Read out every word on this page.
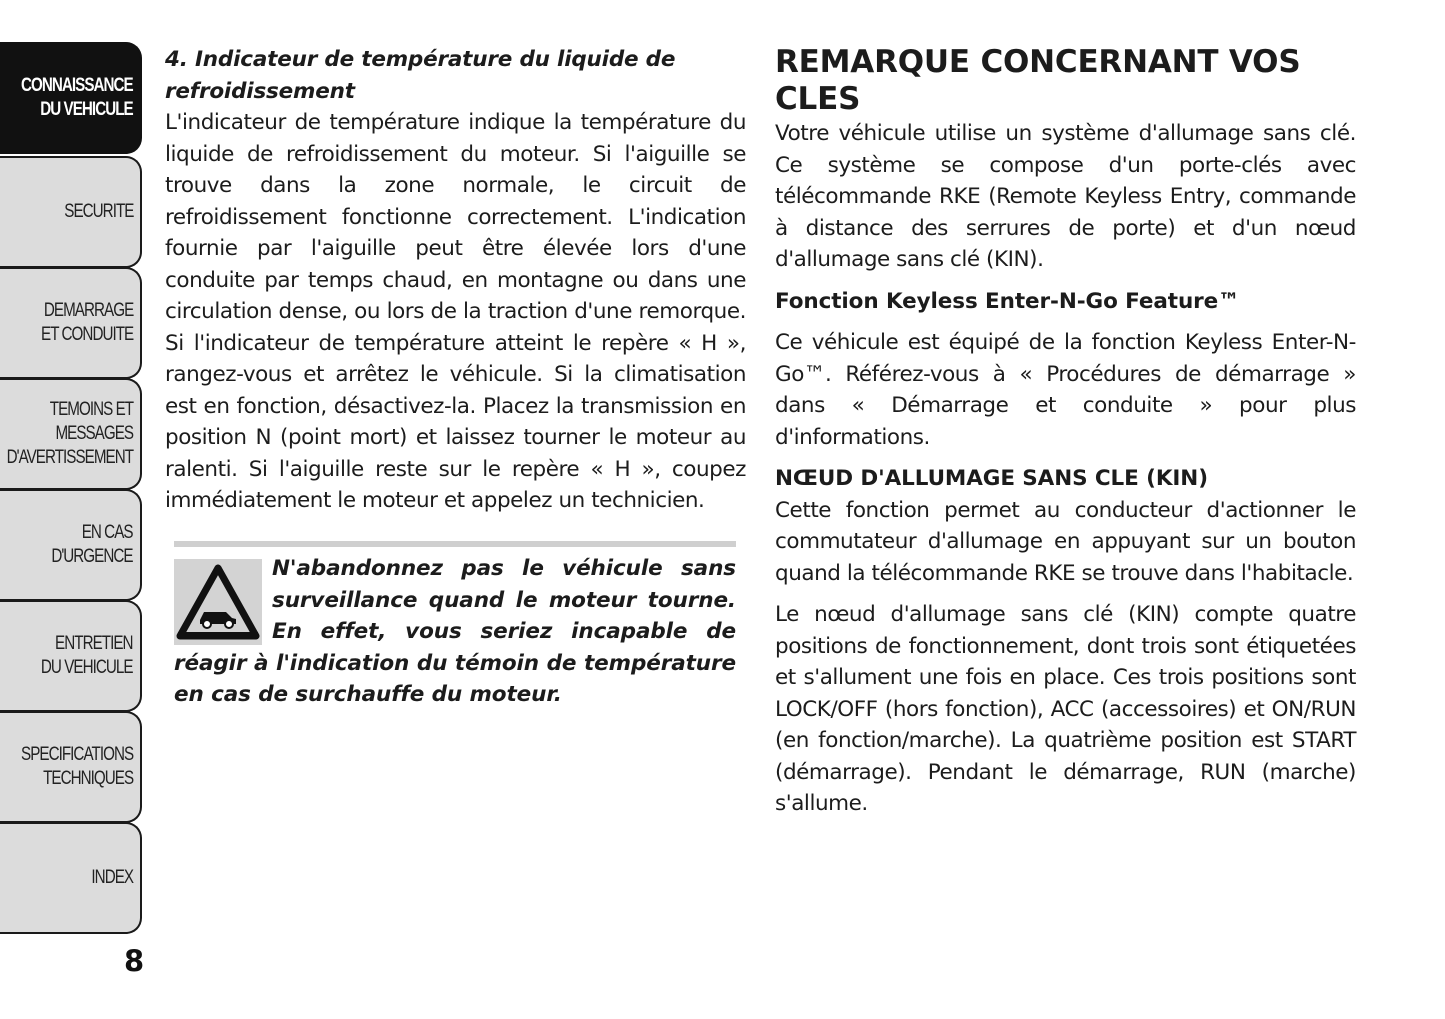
CONNAISSANCE
DU VEHICULE
SECURITE
DEMARRAGE
ET CONDUITE
TEMOINS ET
MESSAGES
D'AVERTISSEMENT
EN CAS
D'URGENCE
ENTRETIEN
DU VEHICULE
SPECIFICATIONS
TECHNIQUES
INDEX
8

4. Indicateur de température du liquide de refroidissement

L'indicateur de température indique la température du liquide de refroidissement du moteur. Si l'aiguille se trouve dans la zone normale, le circuit de refroidissement fonctionne correctement. L'indication fournie par l'aiguille peut être élevée lors d'une conduite par temps chaud, en montagne ou dans une circulation dense, ou lors de la traction d'une remorque. Si l'indicateur de température atteint le repère « H », rangez-vous et arrêtez le véhicule. Si la climatisation est en fonction, désactivez-la. Placez la transmission en position N (point mort) et laissez tourner le moteur au ralenti. Si l'aiguille reste sur le repère « H », coupez immédiatement le moteur et appelez un technicien.

N'abandonnez pas le véhicule sans surveillance quand le moteur tourne. En effet, vous seriez incapable de réagir à l'indication du témoin de température en cas de surchauffe du moteur.

REMARQUE CONCERNANT VOS CLES

Votre véhicule utilise un système d'allumage sans clé. Ce système se compose d'un porte-clés avec télécommande RKE (Remote Keyless Entry, commande à distance des serrures de porte) et d'un nœud d'allumage sans clé (KIN).

Fonction Keyless Enter-N-Go Feature™

Ce véhicule est équipé de la fonction Keyless Enter-N-Go™. Référez-vous à « Procédures de démarrage » dans « Démarrage et conduite » pour plus d'informations.

NŒUD D'ALLUMAGE SANS CLE (KIN)

Cette fonction permet au conducteur d'actionner le commutateur d'allumage en appuyant sur un bouton quand la télécommande RKE se trouve dans l'habitacle.

Le nœud d'allumage sans clé (KIN) compte quatre positions de fonctionnement, dont trois sont étiquetées et s'allument une fois en place. Ces trois positions sont LOCK/OFF (hors fonction), ACC (accessoires) et ON/RUN (en fonction/marche). La quatrième position est START (démarrage). Pendant le démarrage, RUN (marche) s'allume.
